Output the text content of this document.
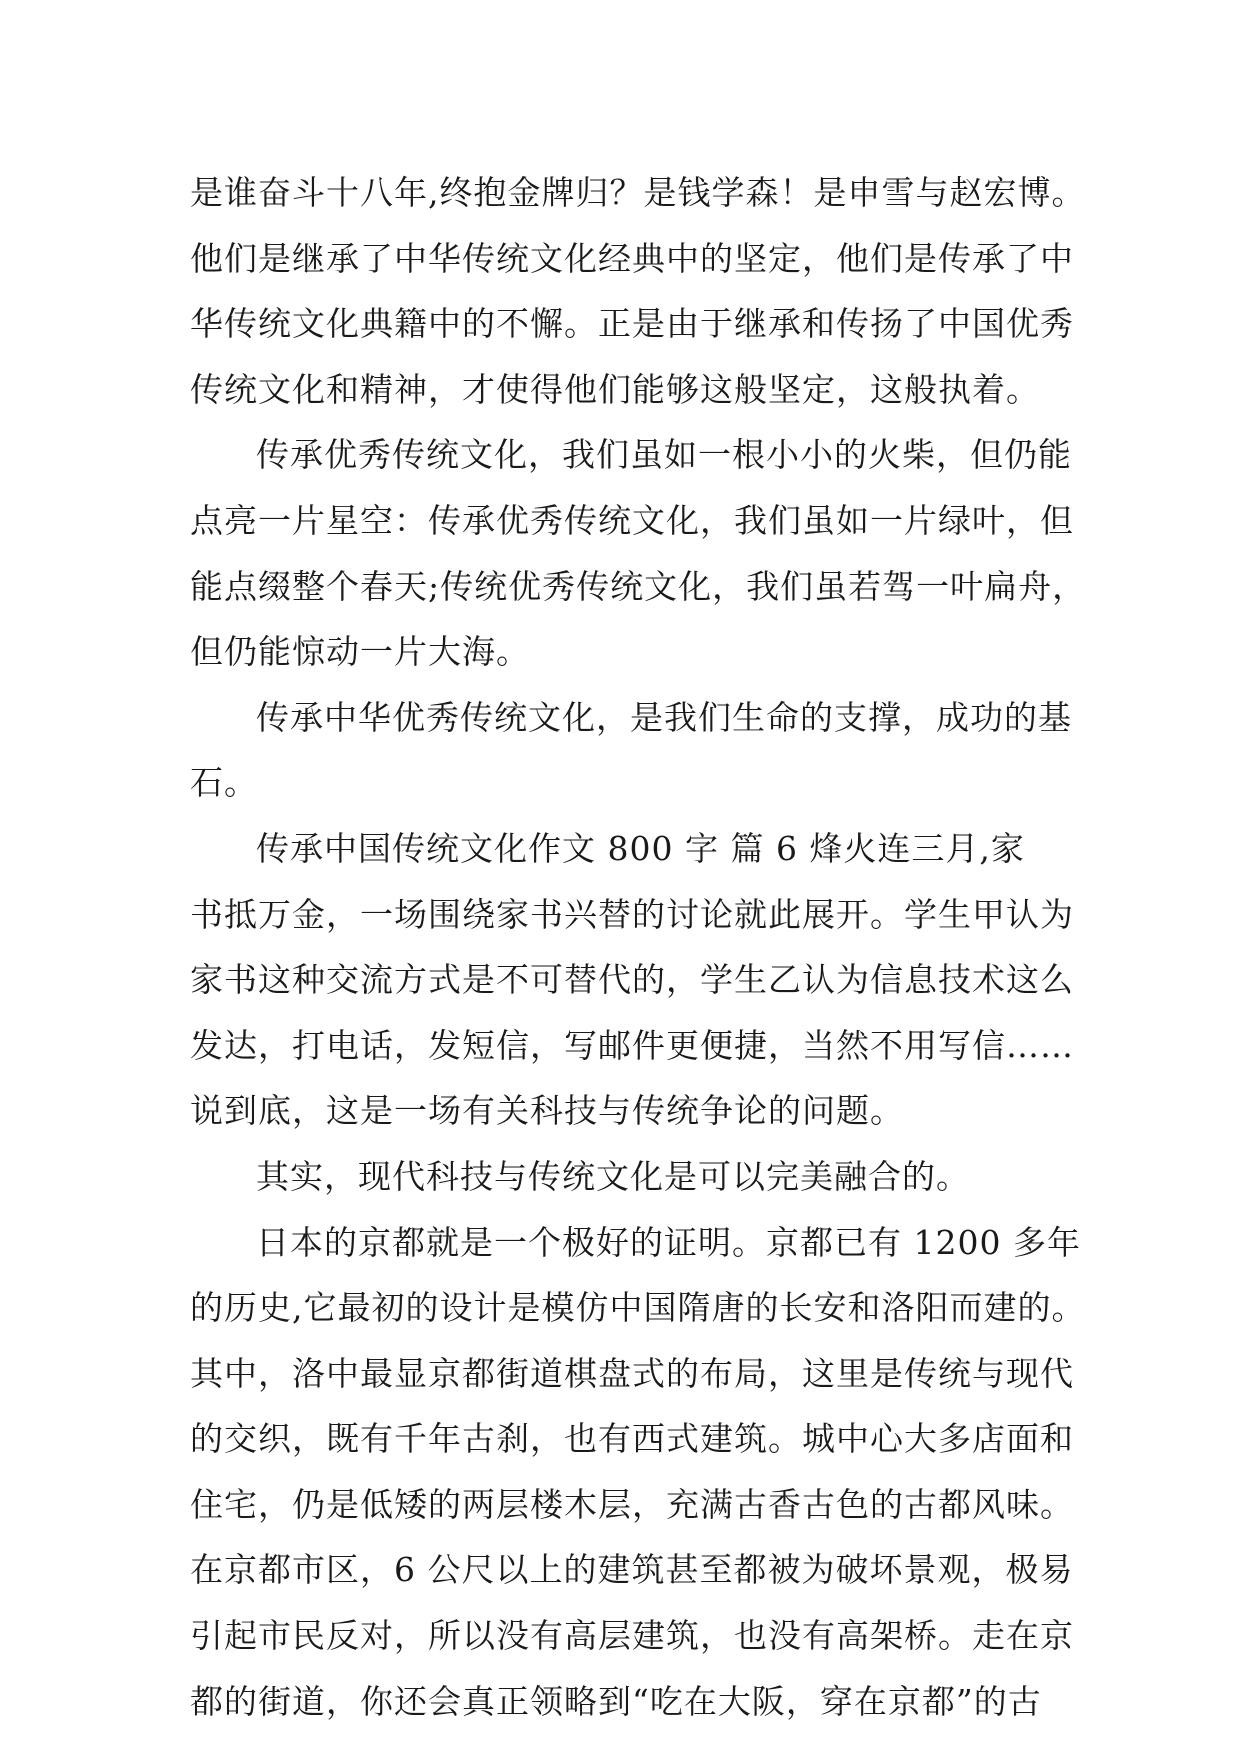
是谁奋斗十八年,终抱金牌归？是钱学森！是申雪与赵宏博。
他们是继承了中华传统文化经典中的坚定，他们是传承了中
华传统文化典籍中的不懈。正是由于继承和传扬了中国优秀
传统文化和精神，才使得他们能够这般坚定，这般执着。
传承优秀传统文化，我们虽如一根小小的火柴，但仍能
点亮一片星空：传承优秀传统文化，我们虽如一片绿叶，但
能点缀整个春天;传统优秀传统文化，我们虽若驾一叶扁舟，
但仍能惊动一片大海。
传承中华优秀传统文化，是我们生命的支撑，成功的基
石。
传承中国传统文化作文 800 字 篇 6 烽火连三月,家
书抵万金，一场围绕家书兴替的讨论就此展开。学生甲认为
家书这种交流方式是不可替代的，学生乙认为信息技术这么
发达，打电话，发短信，写邮件更便捷，当然不用写信……
说到底，这是一场有关科技与传统争论的问题。
其实，现代科技与传统文化是可以完美融合的。
日本的京都就是一个极好的证明。京都已有 1200 多年
的历史,它最初的设计是模仿中国隋唐的长安和洛阳而建的。
其中，洛中最显京都街道棋盘式的布局，这里是传统与现代
的交织，既有千年古刹，也有西式建筑。城中心大多店面和
住宅，仍是低矮的两层楼木层，充满古香古色的古都风味。
在京都市区，6 公尺以上的建筑甚至都被为破坏景观，极易
引起市民反对，所以没有高层建筑，也没有高架桥。走在京
都的街道，你还会真正领略到“吃在大阪，穿在京都”的古
